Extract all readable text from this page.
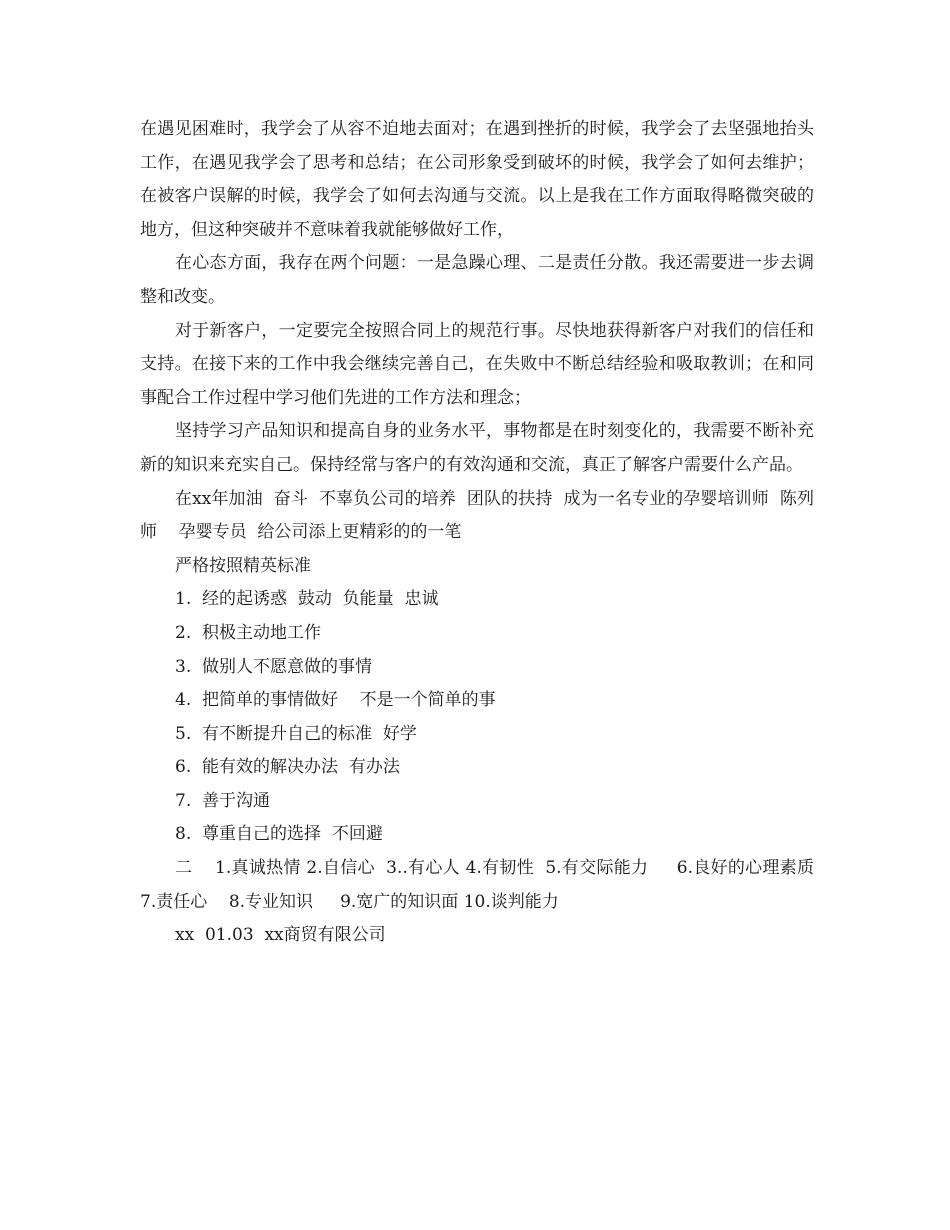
在遇见困难时，我学会了从容不迫地去面对；在遇到挫折的时候，我学会了去坚强地抬头工作，在遇见我学会了思考和总结；在公司形象受到破坏的时候，我学会了如何去维护；在被客户误解的时候，我学会了如何去沟通与交流。以上是我在工作方面取得略微突破的地方，但这种突破并不意味着我就能够做好工作，

在心态方面，我存在两个问题：一是急躁心理、二是责任分散。我还需要进一步去调整和改变。

对于新客户，一定要完全按照合同上的规范行事。尽快地获得新客户对我们的信任和支持。在接下来的工作中我会继续完善自己，在失败中不断总结经验和吸取教训；在和同事配合工作过程中学习他们先进的工作方法和理念；

坚持学习产品知识和提高自身的业务水平，事物都是在时刻变化的，我需要不断补充新的知识来充实自己。保持经常与客户的有效沟通和交流，真正了解客户需要什么产品。

在xx年加油  奋斗  不辜负公司的培养  团队的扶持  成为一名专业的孕婴培训师  陈列师    孕婴专员  给公司添上更精彩的的一笔

严格按照精英标准

1.  经的起诱惑  鼓动  负能量  忠诚

2.  积极主动地工作

3.  做别人不愿意做的事情

4.  把简单的事情做好    不是一个简单的事

5.  有不断提升自己的标准  好学

6.  能有效的解决办法  有办法

7.  善于沟通

8.  尊重自己的选择  不回避

二    1.真诚热情 2.自信心  3..有心人 4.有韧性  5.有交际能力     6.良好的心理素质 7.责任心    8.专业知识     9.宽广的知识面 10.谈判能力

xx  01.03  xx商贸有限公司
